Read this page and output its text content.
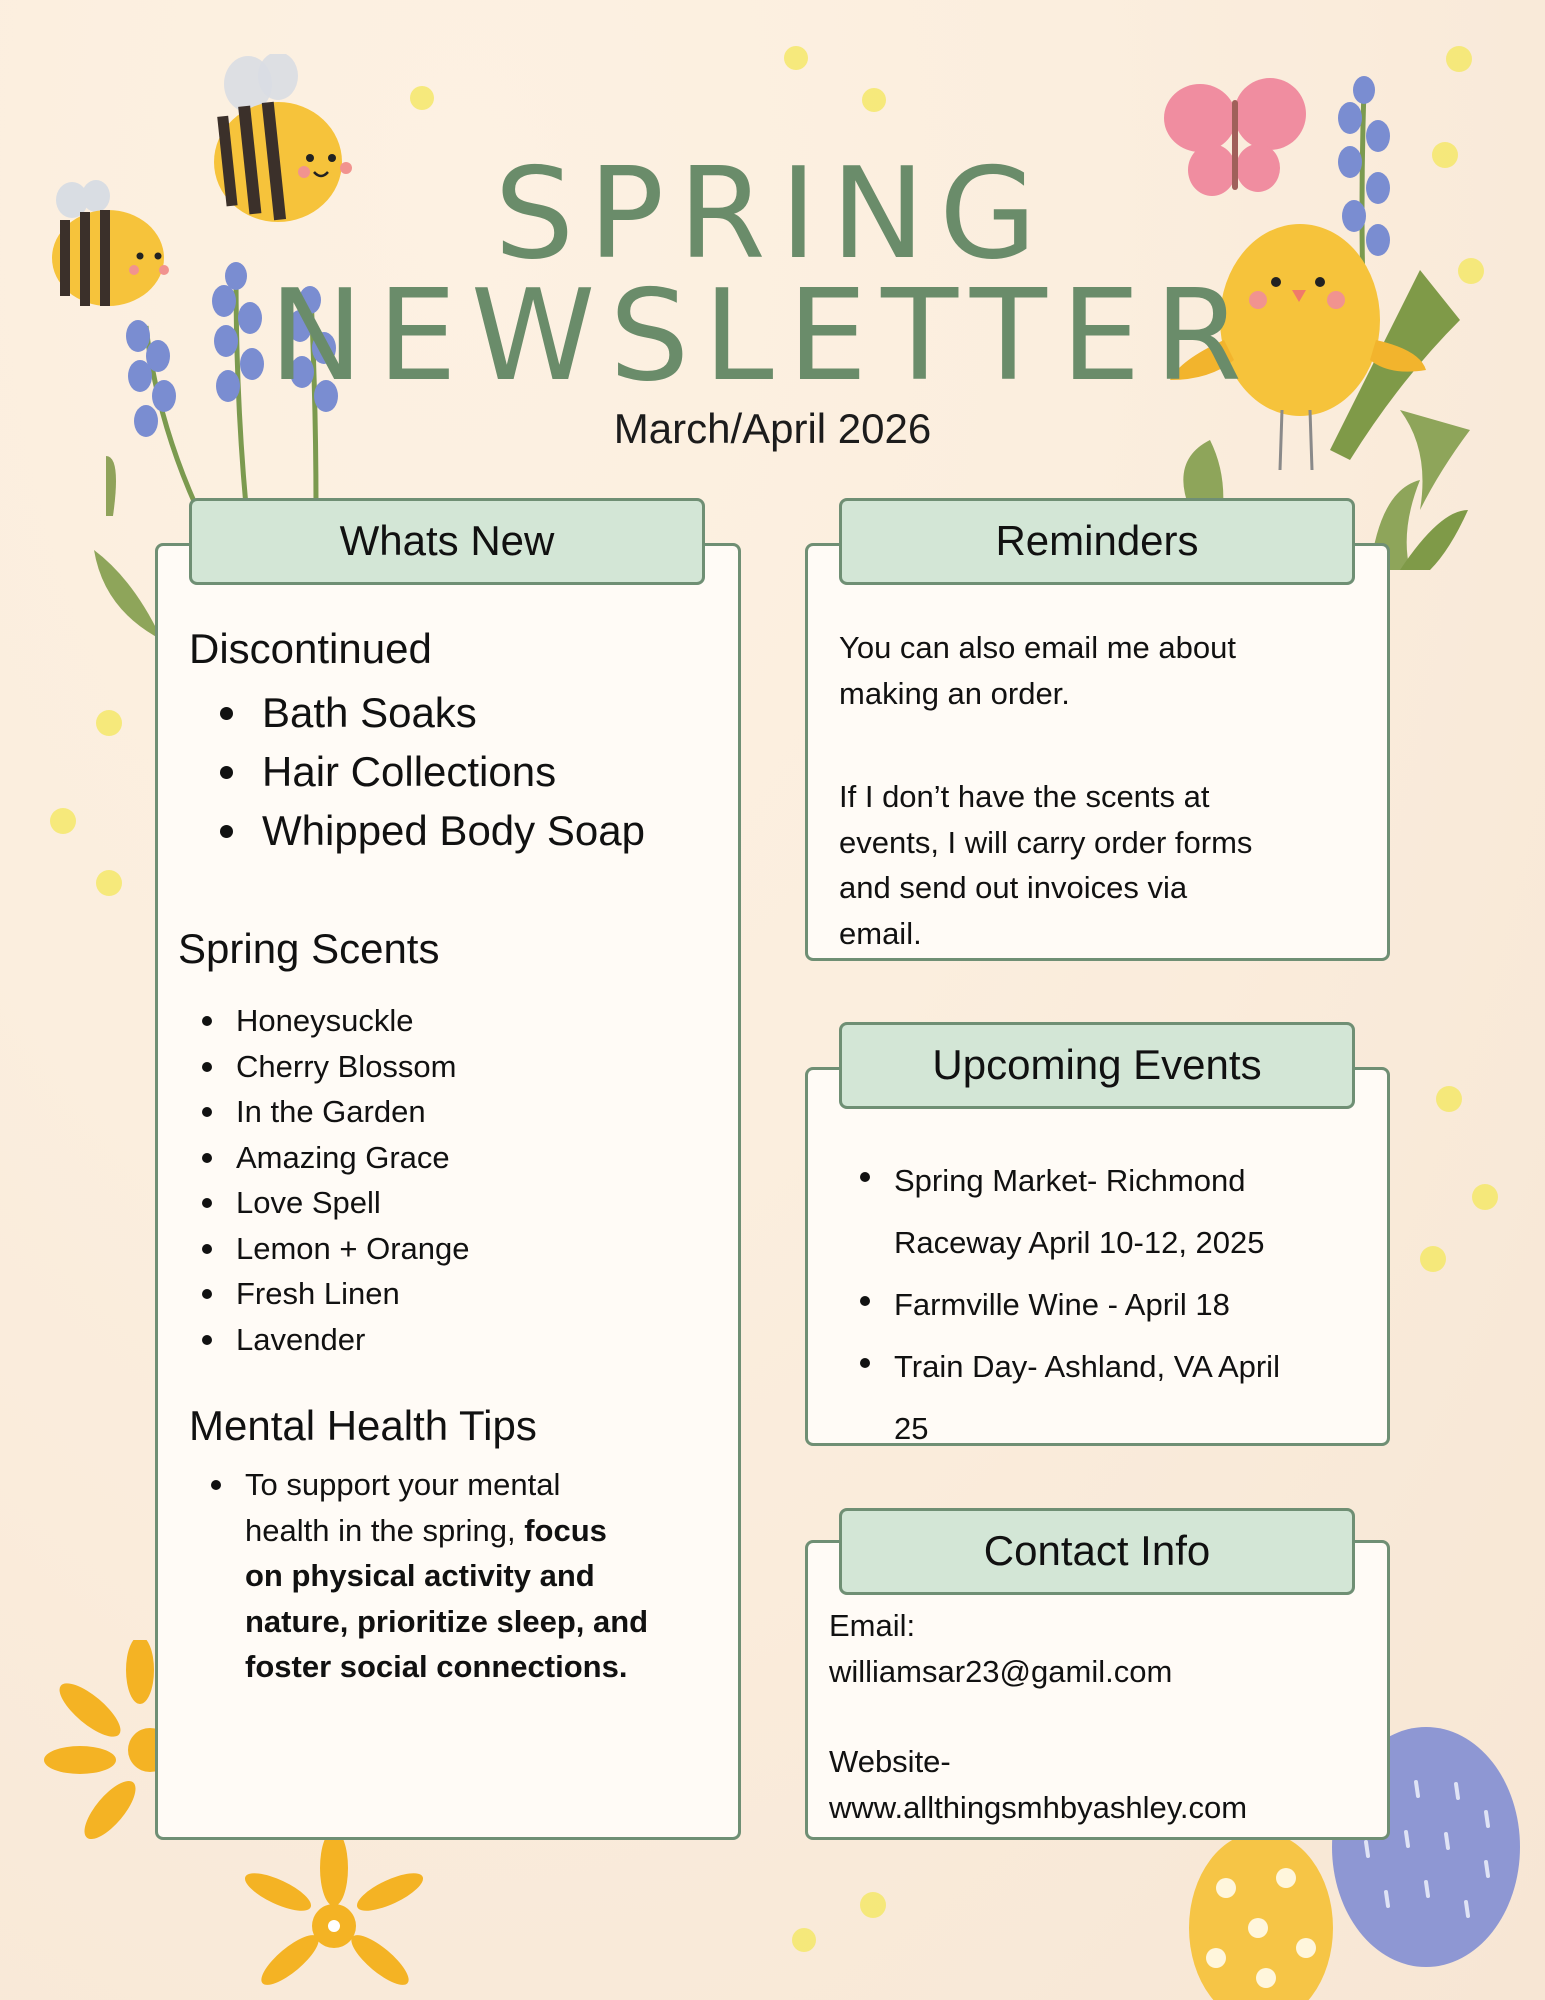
SPRING
NEWSLETTER
March/April 2026
Whats New
Discontinued
Bath Soaks
Hair Collections
Whipped Body Soap
Spring Scents
Honeysuckle
Cherry Blossom
In the Garden
Amazing Grace
Love Spell
Lemon + Orange
Fresh Linen
Lavender
Mental Health Tips
To support your mental
health in the spring, focus
on physical activity and
nature, prioritize sleep, and
foster social connections.
Reminders
You can also email me about
making an order.
If I don’t have the scents at
events, I will carry order forms
and send out invoices via
email.
Upcoming Events
Spring Market- Richmond
Raceway April 10-12, 2025
Farmville Wine - April 18
Train Day- Ashland, VA April
25
Contact Info
Email:
williamsar23@gamil.com
Website-
www.allthingsmhbyashley.com
